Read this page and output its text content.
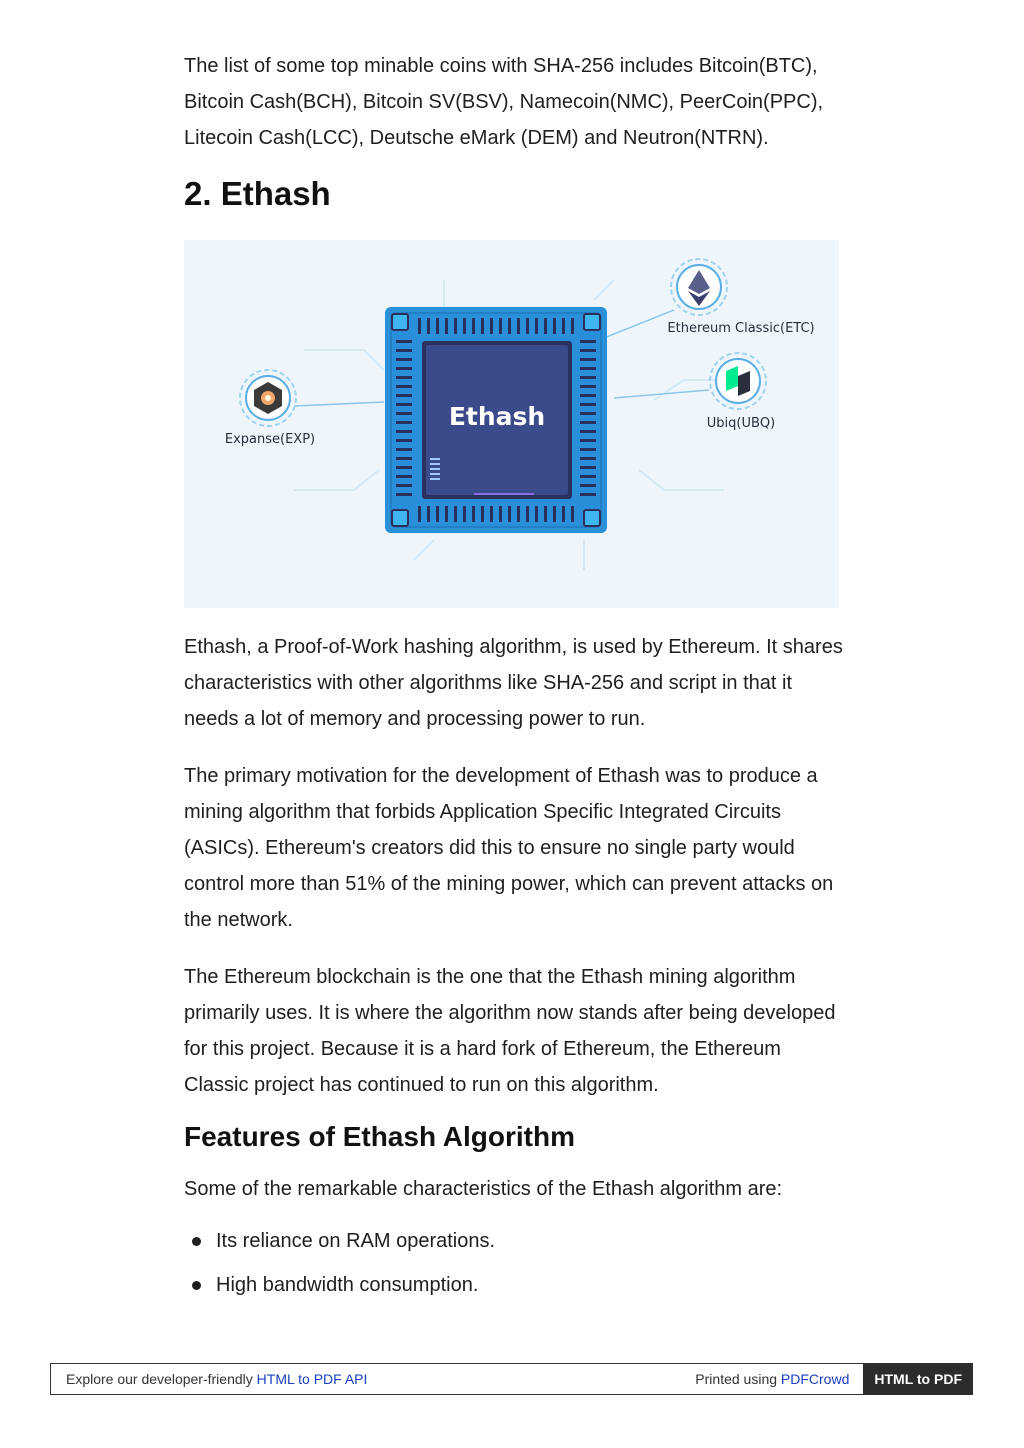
The list of some top minable coins with SHA-256 includes Bitcoin(BTC), Bitcoin Cash(BCH), Bitcoin SV(BSV), Namecoin(NMC), PeerCoin(PPC), Litecoin Cash(LCC), Deutsche eMark (DEM) and Neutron(NTRN).

2. Ethash
Ethash
Ethereum Classic(ETC)
Ubiq(UBQ)
Expanse(EXP)

Ethash, a Proof-of-Work hashing algorithm, is used by Ethereum. It shares characteristics with other algorithms like SHA-256 and script in that it needs a lot of memory and processing power to run.

The primary motivation for the development of Ethash was to produce a mining algorithm that forbids Application Specific Integrated Circuits (ASICs). Ethereum's creators did this to ensure no single party would control more than 51% of the mining power, which can prevent attacks on the network.

The Ethereum blockchain is the one that the Ethash mining algorithm primarily uses. It is where the algorithm now stands after being developed for this project. Because it is a hard fork of Ethereum, the Ethereum Classic project has continued to run on this algorithm.

Features of Ethash Algorithm

Some of the remarkable characteristics of the Ethash algorithm are:

Its reliance on RAM operations.
High bandwidth consumption.
Explore our developer-friendly HTML to PDF API	Printed using PDFCrowd	HTML to PDF
